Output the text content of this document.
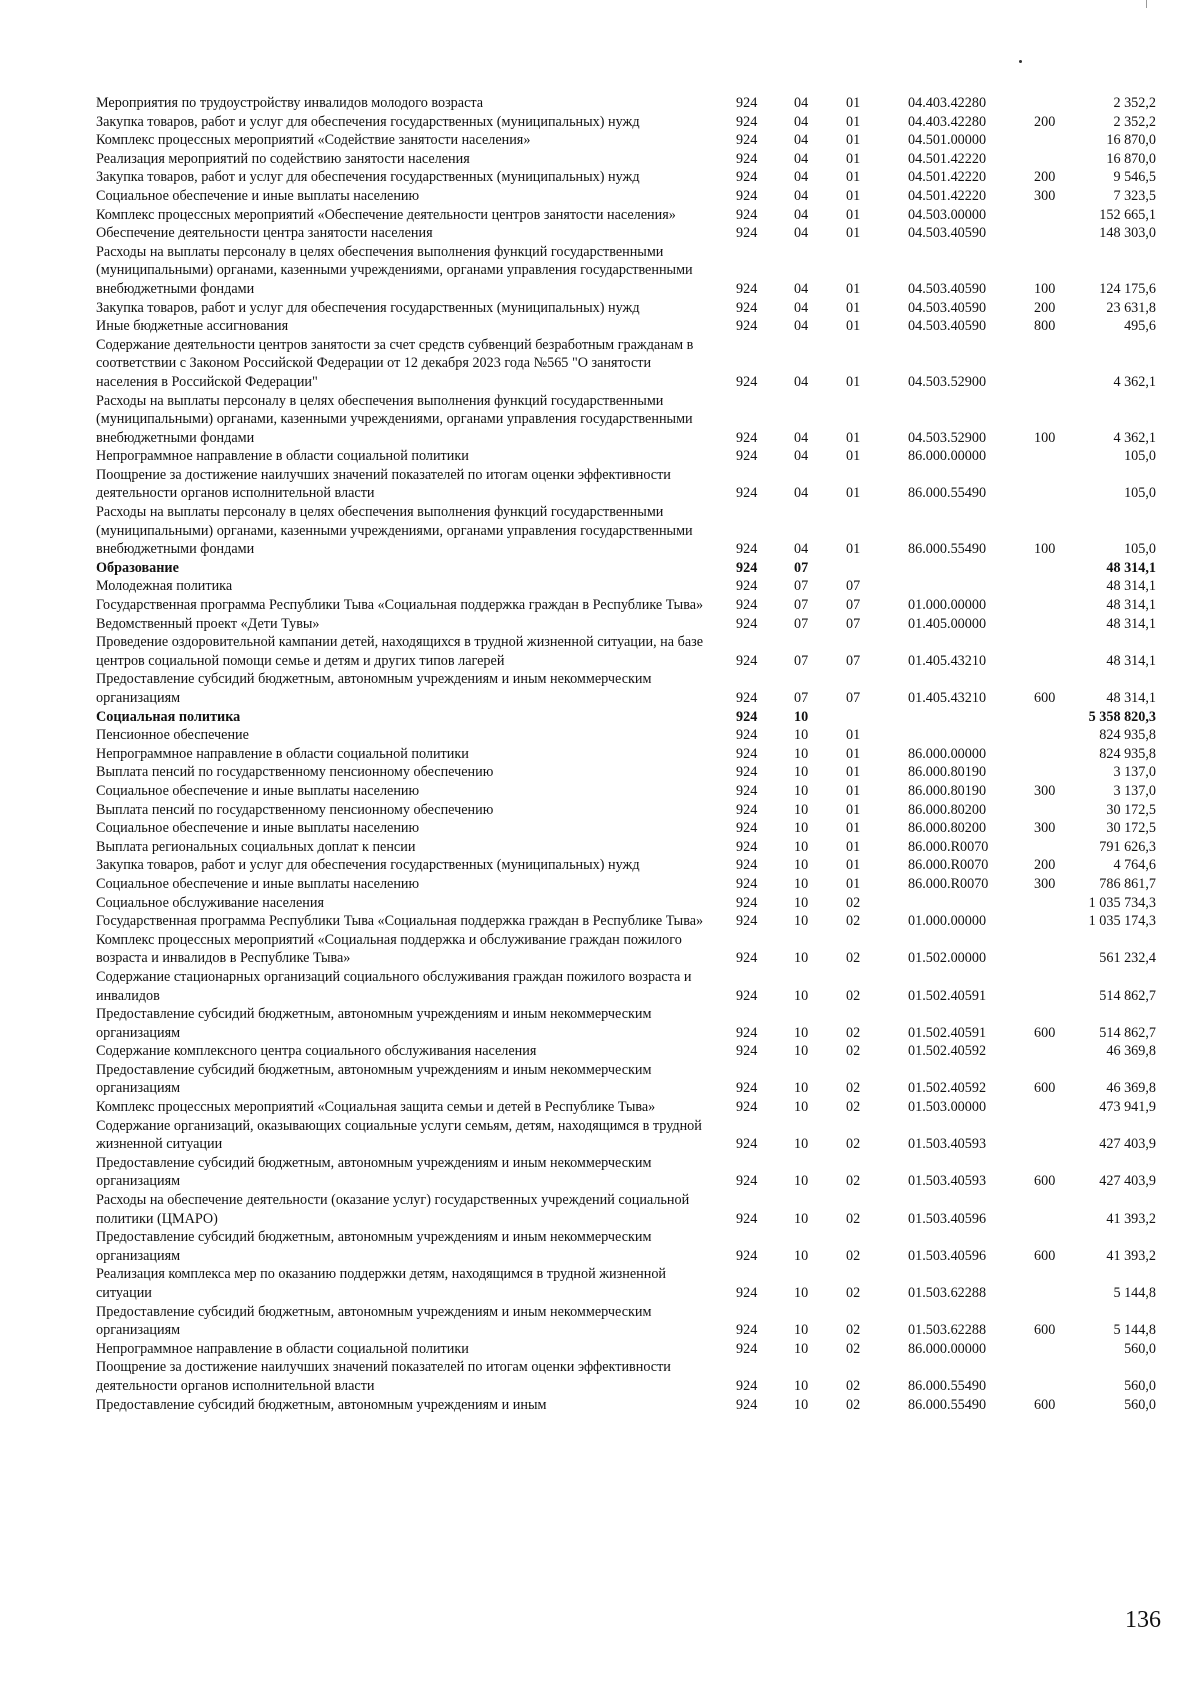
Мероприятия по трудоустройству инвалидов молодого возраста	924	04	01	04.403.42280		2 352,2
Закупка товаров, работ и услуг для обеспечения государственных (муниципальных) нужд	924	04	01	04.403.42280	200	2 352,2
Комплекс процессных мероприятий «Содействие занятости населения»	924	04	01	04.501.00000		16 870,0
Реализация мероприятий по содействию занятости населения	924	04	01	04.501.42220		16 870,0
Закупка товаров, работ и услуг для обеспечения государственных (муниципальных) нужд	924	04	01	04.501.42220	200	9 546,5
Социальное обеспечение и иные выплаты населению	924	04	01	04.501.42220	300	7 323,5
Комплекс процессных мероприятий «Обеспечение деятельности центров занятости населения»	924	04	01	04.503.00000		152 665,1
Обеспечение деятельности центра занятости населения	924	04	01	04.503.40590		148 303,0
Расходы на выплаты персоналу в целях обеспечения выполнения функций государственными (муниципальными) органами, казенными учреждениями, органами управления государственными внебюджетными фондами	924	04	01	04.503.40590	100	124 175,6
Закупка товаров, работ и услуг для обеспечения государственных (муниципальных) нужд	924	04	01	04.503.40590	200	23 631,8
Иные бюджетные ассигнования	924	04	01	04.503.40590	800	495,6
Содержание деятельности центров занятости за счет средств субвенций безработным гражданам в соответствии с Законом Российской Федерации от 12 декабря 2023 года №565 "О занятости населения в Российской Федерации"	924	04	01	04.503.52900		4 362,1
Расходы на выплаты персоналу в целях обеспечения выполнения функций государственными (муниципальными) органами, казенными учреждениями, органами управления государственными внебюджетными фондами	924	04	01	04.503.52900	100	4 362,1
Непрограммное направление в области социальной политики	924	04	01	86.000.00000		105,0
Поощрение за достижение наилучших значений показателей по итогам оценки эффективности деятельности органов исполнительной власти	924	04	01	86.000.55490		105,0
Расходы на выплаты персоналу в целях обеспечения выполнения функций государственными (муниципальными) органами, казенными учреждениями, органами управления государственными внебюджетными фондами	924	04	01	86.000.55490	100	105,0
Образование	924	07				48 314,1
Молодежная политика	924	07	07			48 314,1
Государственная программа Республики Тыва «Социальная поддержка граждан в Республике Тыва»	924	07	07	01.000.00000		48 314,1
Ведомственный проект «Дети Тувы»	924	07	07	01.405.00000		48 314,1
Проведение оздоровительной кампании детей, находящихся в трудной жизненной ситуации, на базе центров социальной помощи семье и детям и других типов лагерей	924	07	07	01.405.43210		48 314,1
Предоставление субсидий бюджетным, автономным учреждениям и иным некоммерческим организациям	924	07	07	01.405.43210	600	48 314,1
Социальная политика	924	10				5 358 820,3
Пенсионное обеспечение	924	10	01			824 935,8
Непрограммное направление в области социальной политики	924	10	01	86.000.00000		824 935,8
Выплата пенсий по государственному пенсионному обеспечению	924	10	01	86.000.80190		3 137,0
Социальное обеспечение и иные выплаты населению	924	10	01	86.000.80190	300	3 137,0
Выплата пенсий по государственному пенсионному обеспечению	924	10	01	86.000.80200		30 172,5
Социальное обеспечение и иные выплаты населению	924	10	01	86.000.80200	300	30 172,5
Выплата региональных социальных доплат к пенсии	924	10	01	86.000.R0070		791 626,3
Закупка товаров, работ и услуг для обеспечения государственных (муниципальных) нужд	924	10	01	86.000.R0070	200	4 764,6
Социальное обеспечение и иные выплаты населению	924	10	01	86.000.R0070	300	786 861,7
Социальное обслуживание населения	924	10	02			1 035 734,3
Государственная программа Республики Тыва «Социальная поддержка граждан в Республике Тыва»	924	10	02	01.000.00000		1 035 174,3
Комплекс процессных мероприятий «Социальная поддержка и обслуживание граждан пожилого возраста и инвалидов в Республике Тыва»	924	10	02	01.502.00000		561 232,4
Содержание стационарных организаций социального обслуживания граждан пожилого возраста и инвалидов	924	10	02	01.502.40591		514 862,7
Предоставление субсидий бюджетным, автономным учреждениям и иным некоммерческим организациям	924	10	02	01.502.40591	600	514 862,7
Содержание комплексного центра социального обслуживания населения	924	10	02	01.502.40592		46 369,8
Предоставление субсидий бюджетным, автономным учреждениям и иным некоммерческим организациям	924	10	02	01.502.40592	600	46 369,8
Комплекс процессных мероприятий «Социальная защита семьи и детей в Республике Тыва»	924	10	02	01.503.00000		473 941,9
Содержание организаций, оказывающих социальные услуги семьям, детям, находящимся в трудной жизненной ситуации	924	10	02	01.503.40593		427 403,9
Предоставление субсидий бюджетным, автономным учреждениям и иным некоммерческим организациям	924	10	02	01.503.40593	600	427 403,9
Расходы на обеспечение деятельности (оказание услуг) государственных учреждений социальной политики (ЦМАРО)	924	10	02	01.503.40596		41 393,2
Предоставление субсидий бюджетным, автономным учреждениям и иным некоммерческим организациям	924	10	02	01.503.40596	600	41 393,2
Реализация комплекса мер по оказанию поддержки детям, находящимся в трудной жизненной ситуации	924	10	02	01.503.62288		5 144,8
Предоставление субсидий бюджетным, автономным учреждениям и иным некоммерческим организациям	924	10	02	01.503.62288	600	5 144,8
Непрограммное направление в области социальной политики	924	10	02	86.000.00000		560,0
Поощрение за достижение наилучших значений показателей по итогам оценки эффективности деятельности органов исполнительной власти	924	10	02	86.000.55490		560,0
Предоставление субсидий бюджетным, автономным учреждениям и иным	924	10	02	86.000.55490	600	560,0
136
